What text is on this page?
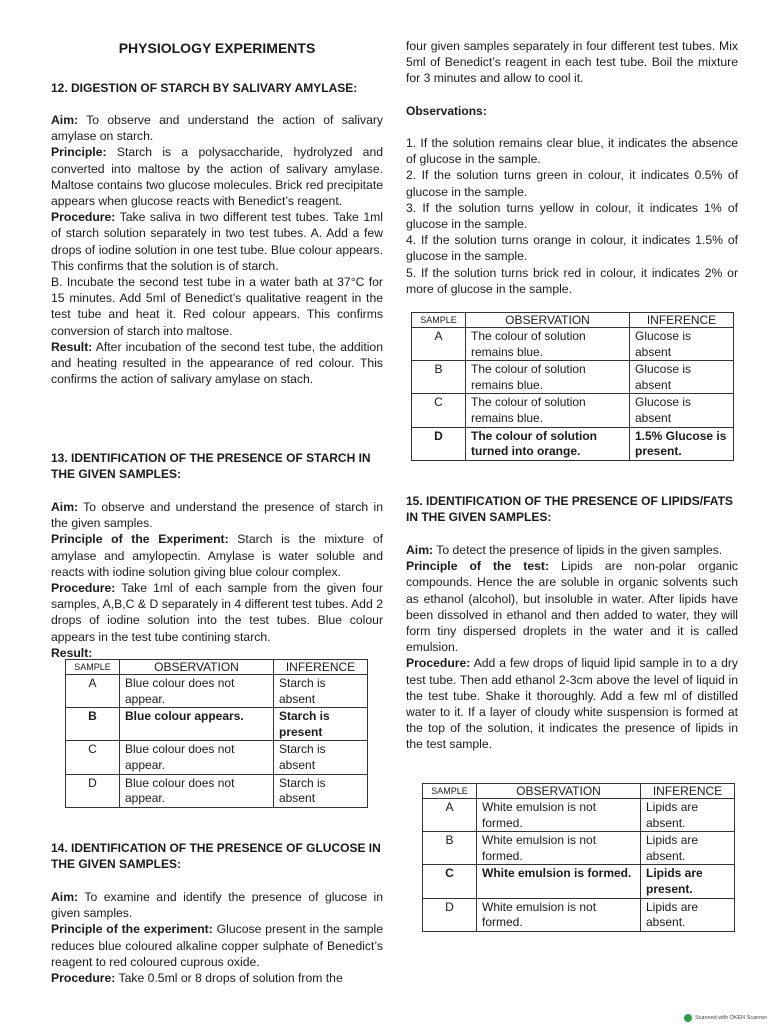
PHYSIOLOGY EXPERIMENTS
12. DIGESTION OF STARCH BY SALIVARY AMYLASE:

Aim: To observe and understand the action of salivary amylase on starch.

Principle: Starch is a polysaccharide, hydrolyzed and converted into maltose by the action of salivary amylase. Maltose contains two glucose molecules. Brick red precipitate appears when glucose reacts with Benedict’s reagent.

Procedure: Take saliva in two different test tubes. Take 1ml of starch solution separately in two test tubes. A. Add a few drops of iodine solution in one test tube. Blue colour appears. This confirms that the solution is of starch.

B. Incubate the second test tube in a water bath at 37°C for 15 minutes. Add 5ml of Benedict’s qualitative reagent in the test tube and heat it. Red colour appears. This confirms conversion of starch into maltose.

Result: After incubation of the second test tube, the addition and heating resulted in the appearance of red colour. This confirms the action of salivary amylase on stach.

13. IDENTIFICATION OF THE PRESENCE OF STARCH IN THE GIVEN SAMPLES:

Aim: To observe and understand the presence of starch in the given samples.

Principle of the Experiment: Starch is the mixture of amylase and amylopectin. Amylase is water soluble and reacts with iodine solution giving blue colour complex.

Procedure: Take 1ml of each sample from the given four samples, A,B,C & D separately in 4 different test tubes. Add 2 drops of iodine solution into the test tubes. Blue colour appears in the test tube contining starch.

Result:

SAMPLE	OBSERVATION	INFERENCE
A	Blue colour does not appear.	Starch is absent
B	Blue colour appears.	Starch is present
C	Blue colour does not appear.	Starch is absent
D	Blue colour does not appear.	Starch is absent
14. IDENTIFICATION OF THE PRESENCE OF GLUCOSE IN THE GIVEN SAMPLES:

Aim: To examine and identify the presence of glucose in given samples.

Principle of the experiment: Glucose present in the sample reduces blue coloured alkaline copper sulphate of Benedict’s reagent to red coloured cuprous oxide.

Procedure: Take 0.5ml or 8 drops of solution from the

four given samples separately in four different test tubes. Mix 5ml of Benedict’s reagent in each test tube. Boil the mixture for 3 minutes and allow to cool it.
Observations:

1. If the solution remains clear blue, it indicates the absence of glucose in the sample.

2. If the solution turns green in colour, it indicates 0.5% of glucose in the sample.

3. If the solution turns yellow in colour, it indicates 1% of glucose in the sample.

4. If the solution turns orange in colour, it indicates 1.5% of glucose in the sample.

5. If the solution turns brick red in colour, it indicates 2% or more of glucose in the sample.

SAMPLE	OBSERVATION	INFERENCE
A	The colour of solution remains blue.	Glucose is absent
B	The colour of solution remains blue.	Glucose is absent
C	The colour of solution remains blue.	Glucose is absent
D	The colour of solution turned into orange.	1.5% Glucose is present.
15. IDENTIFICATION OF THE PRESENCE OF LIPIDS/FATS IN THE GIVEN SAMPLES:

Aim: To detect the presence of lipids in the given samples.

Principle of the test: Lipids are non-polar organic compounds. Hence the are soluble in organic solvents such as ethanol (alcohol), but insoluble in water. After lipids have been dissolved in ethanol and then added to water, they will form tiny dispersed droplets in the water and it is called emulsion.

Procedure: Add a few drops of liquid lipid sample in to a dry test tube. Then add ethanol 2-3cm above the level of liquid in the test tube. Shake it thoroughly. Add a few ml of distilled water to it. If a layer of cloudy white suspension is formed at the top of the solution, it indicates the presence of lipids in the test sample.

SAMPLE	OBSERVATION	INFERENCE
A	White emulsion is not formed.	Lipids are absent.
B	White emulsion is not formed.	Lipids are absent.
C	White emulsion is formed.	Lipids are present.
D	White emulsion is not formed.	Lipids are absent.
Scanned with OKEN Scanner
